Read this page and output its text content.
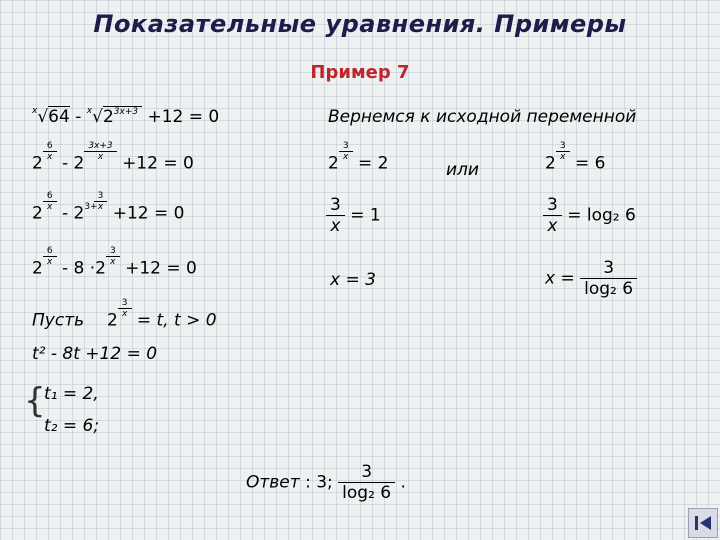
Показательные уравнения. Примеры
Пример 7
$^x√64 - ^x√2^{3x+3} +12 = 0$
2
$\frac{6}{x}$
- 2
$\frac{3x+3}{x}$
+12 = 0
2
$\frac{6}{x}$
- $2^{3+}$
$\frac{3}{x}$
+12 = 0
2
$\frac{6}{x}$
- 8 ·2
$\frac{3}{x}$
+12 = 0
Пусть 2
$\frac{3}{x}$
= t, t > 0
t² - 8t +12 = 0
{
t₁ = 2,
t₂ = 6;
Вернемся к исходной переменной
2
$\frac{3}{x}$
= 2	или	2
$\frac{3}{x}$
= 6
$\frac{3}{x} = 1$	$\frac{3}{x} = \log_2$ 6
x = 3	$x = \frac{3}{\text{log₂ 6}}$
Ответ : 3; $\frac{3}{\text{log₂ 6}}$ .
